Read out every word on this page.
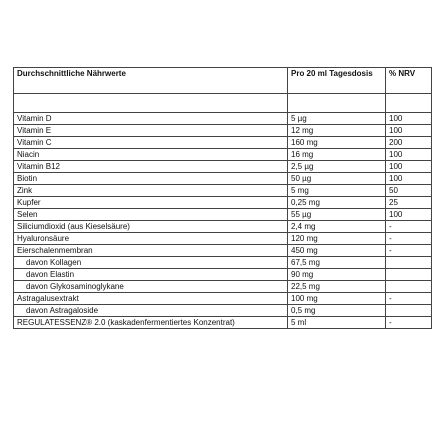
Durchschnittliche Nährwerte	Pro 20 ml Tagesdosis	% NRV

Vitamin D	5 µg	100
Vitamin E	12 mg	100
Vitamin C	160 mg	200
Niacin	16 mg	100
Vitamin B12	2,5 µg	100
Biotin	50 µg	100
Zink	5 mg	50
Kupfer	0,25 mg	25
Selen	55 µg	100
Siliciumdioxid (aus Kieselsäure)	2,4 mg	-
Hyaluronsäure	120 mg	-
Eierschalenmembran	450 mg	-
davon Kollagen	67,5 mg	
davon Elastin	90 mg	
davon Glykosaminoglykane	22,5 mg	
Astragalusextrakt	100 mg	-
davon Astragaloside	0,5 mg	
REGULATESSENZ® 2.0 (kaskadenfermentiertes Konzentrat)	5 ml	-
